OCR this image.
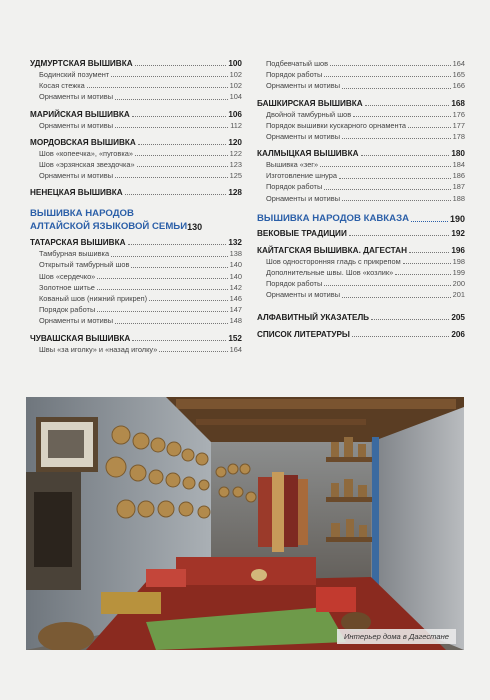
УДМУРТСКАЯ ВЫШИВКА	100
Бодинский позумент	102
Косая стежка	102
Орнаменты и мотивы	104
МАРИЙСКАЯ ВЫШИВКА	106
Орнаменты и мотивы	112
МОРДОВСКАЯ ВЫШИВКА	120
Шов «копеечка», «пуговка»	122
Шов «эрзянская звездочка»	123
Орнаменты и мотивы	125
НЕНЕЦКАЯ ВЫШИВКА	128
ВЫШИВКА НАРОДОВ
АЛТАЙСКОЙ ЯЗЫКОВОЙ СЕМЬИ 130
ТАТАРСКАЯ ВЫШИВКА	132
Тамбурная вышивка	138
Открытый тамбурный шов	140
Шов «сердечко»	140
Золотное шитье	142
Кованый шов (нижний прикреп)	146
Порядок работы	147
Орнаменты и мотивы	148
ЧУВАШСКАЯ ВЫШИВКА	152
Швы «за иголку» и «назад иголку»	164
Подбевчатый шов	164
Порядок работы	165
Орнаменты и мотивы	166
БАШКИРСКАЯ ВЫШИВКА	168
Двойной тамбурный шов	176
Порядок вышивки кускарного орнамента	177
Орнаменты и мотивы	178
КАЛМЫЦКАЯ ВЫШИВКА	180
Вышивка «зег»	184
Изготовление шнура	186
Порядок работы	187
Орнаменты и мотивы	188
ВЫШИВКА НАРОДОВ КАВКАЗА	190
ВЕКОВЫЕ ТРАДИЦИИ	192
КАЙТАГСКАЯ ВЫШИВКА. ДАГЕСТАН	196
Шов односторонняя гладь с прикрепом	198
Дополнительные швы. Шов «козлик»	199
Порядок работы	200
Орнаменты и мотивы	201
АЛФАВИТНЫЙ УКАЗАТЕЛЬ	205
СПИСОК ЛИТЕРАТУРЫ	206
Интерьер дома в Дагестане
